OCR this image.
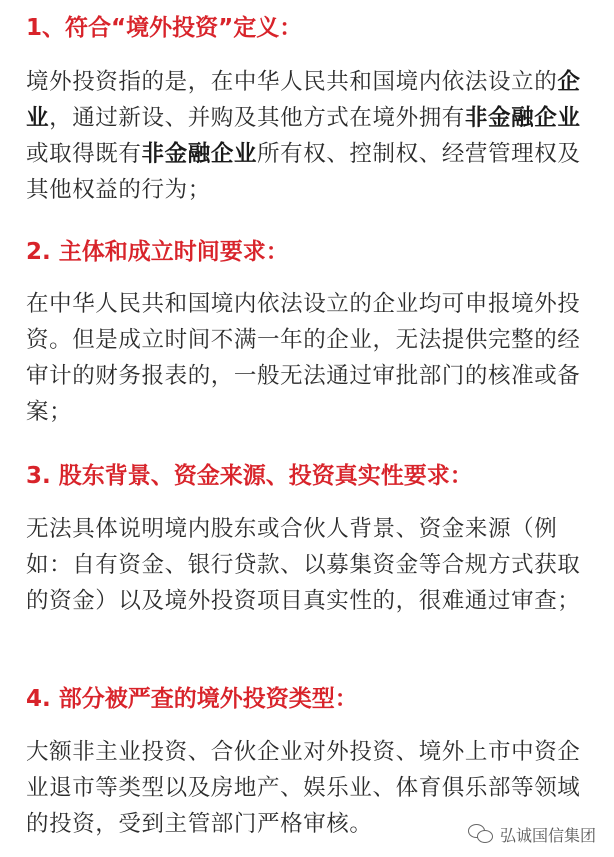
1、符合“境外投资”定义：

境外投资指的是，在中华人民共和国境内依法设立的企业，通过新设、并购及其他方式在境外拥有非金融企业或取得既有非金融企业所有权、控制权、经营管理权及其他权益的行为；

2. 主体和成立时间要求：

在中华人民共和国境内依法设立的企业均可申报境外投资。但是成立时间不满一年的企业，无法提供完整的经审计的财务报表的，一般无法通过审批部门的核准或备案；

3. 股东背景、资金来源、投资真实性要求：

无法具体说明境内股东或合伙人背景、资金来源（例如：自有资金、银行贷款、以募集资金等合规方式获取的资金）以及境外投资项目真实性的，很难通过审查；

4. 部分被严查的境外投资类型：

大额非主业投资、合伙企业对外投资、境外上市中资企业退市等类型以及房地产、娱乐业、体育俱乐部等领域的投资，受到主管部门严格审核。	弘诚国信集团
